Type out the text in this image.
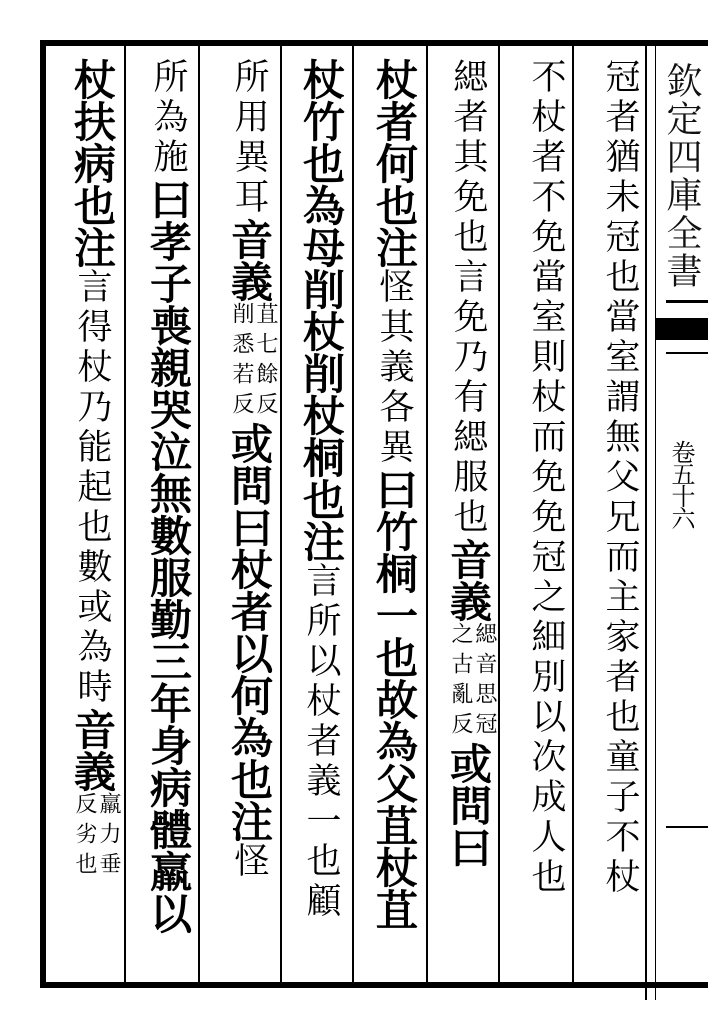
欽定四庫全書
卷五十六
冠者猶未冠也當室謂無父兄而主家者也童子不杖
不杖者不免當室則杖而免免冠之細別以次成人也
緦者其免也言免乃有緦服也音義
緦音思冠
之古亂反
或問曰
杖者何也注怪其義各異曰竹桐一也故為父苴杖苴
杖竹也為母削杖削杖桐也注言所以杖者義一也顧
所用異耳音義
苴七餘反
削悉若反
或問曰杖者以何為也注怪
所為施曰孝子喪親哭泣無數服勤三年身病體羸以
杖扶病也注言得杖乃能起也數或為時音義
羸力垂
反劣也
